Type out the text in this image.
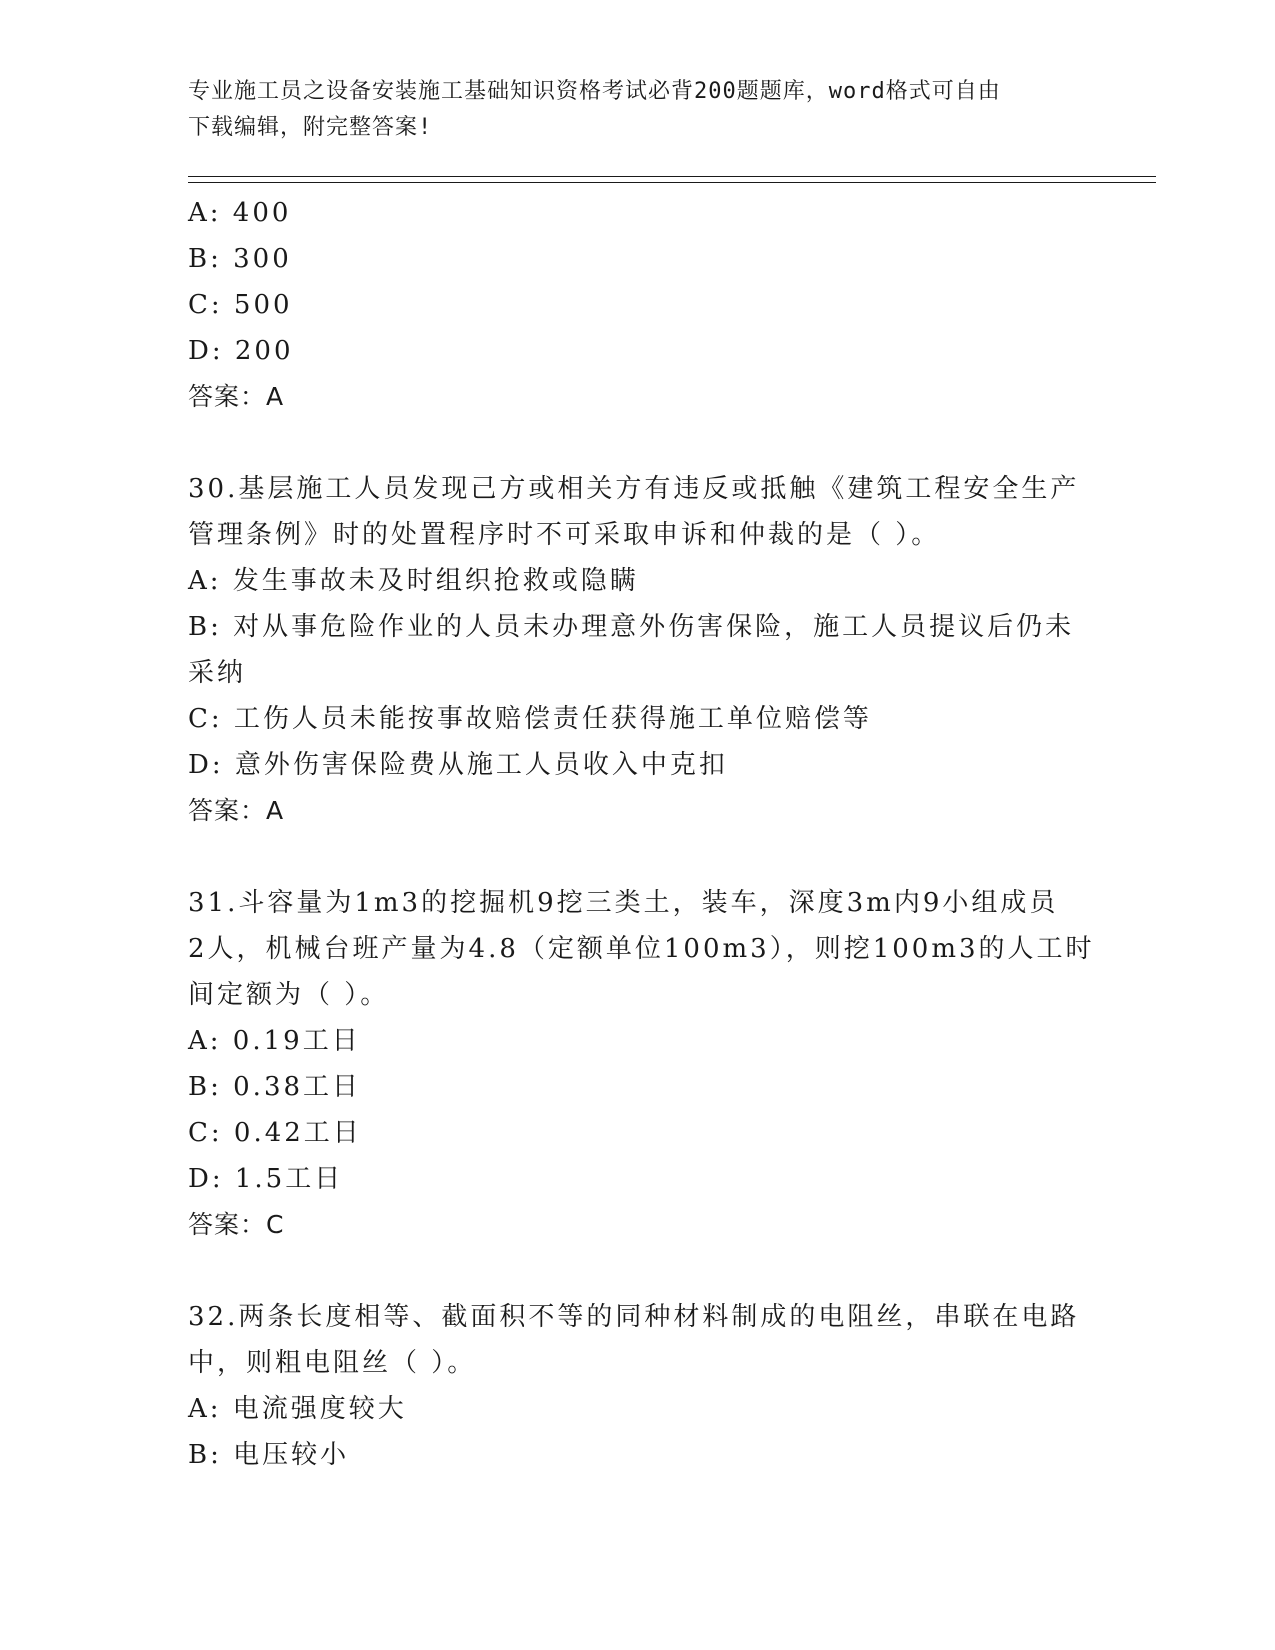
专业施工员之设备安装施工基础知识资格考试必背200题题库，word格式可自由
下载编辑，附完整答案!
A: 400
B: 300
C: 500
D: 200
答案：A
30.基层施工人员发现己方或相关方有违反或抵触《建筑工程安全生产
管理条例》时的处置程序时不可采取申诉和仲裁的是（ ）。
A: 发生事故未及时组织抢救或隐瞒
B: 对从事危险作业的人员未办理意外伤害保险，施工人员提议后仍未
采纳
C: 工伤人员未能按事故赔偿责任获得施工单位赔偿等
D: 意外伤害保险费从施工人员收入中克扣
答案：A
31.斗容量为1m3的挖掘机9挖三类土，装车，深度3m内9小组成员
2人，机械台班产量为4.8（定额单位100m3），则挖100m3的人工时
间定额为（ ）。
A: 0.19工日
B: 0.38工日
C: 0.42工日
D: 1.5工日
答案：C
32.两条长度相等、截面积不等的同种材料制成的电阻丝，串联在电路
中，则粗电阻丝（ ）。
A: 电流强度较大
B: 电压较小
